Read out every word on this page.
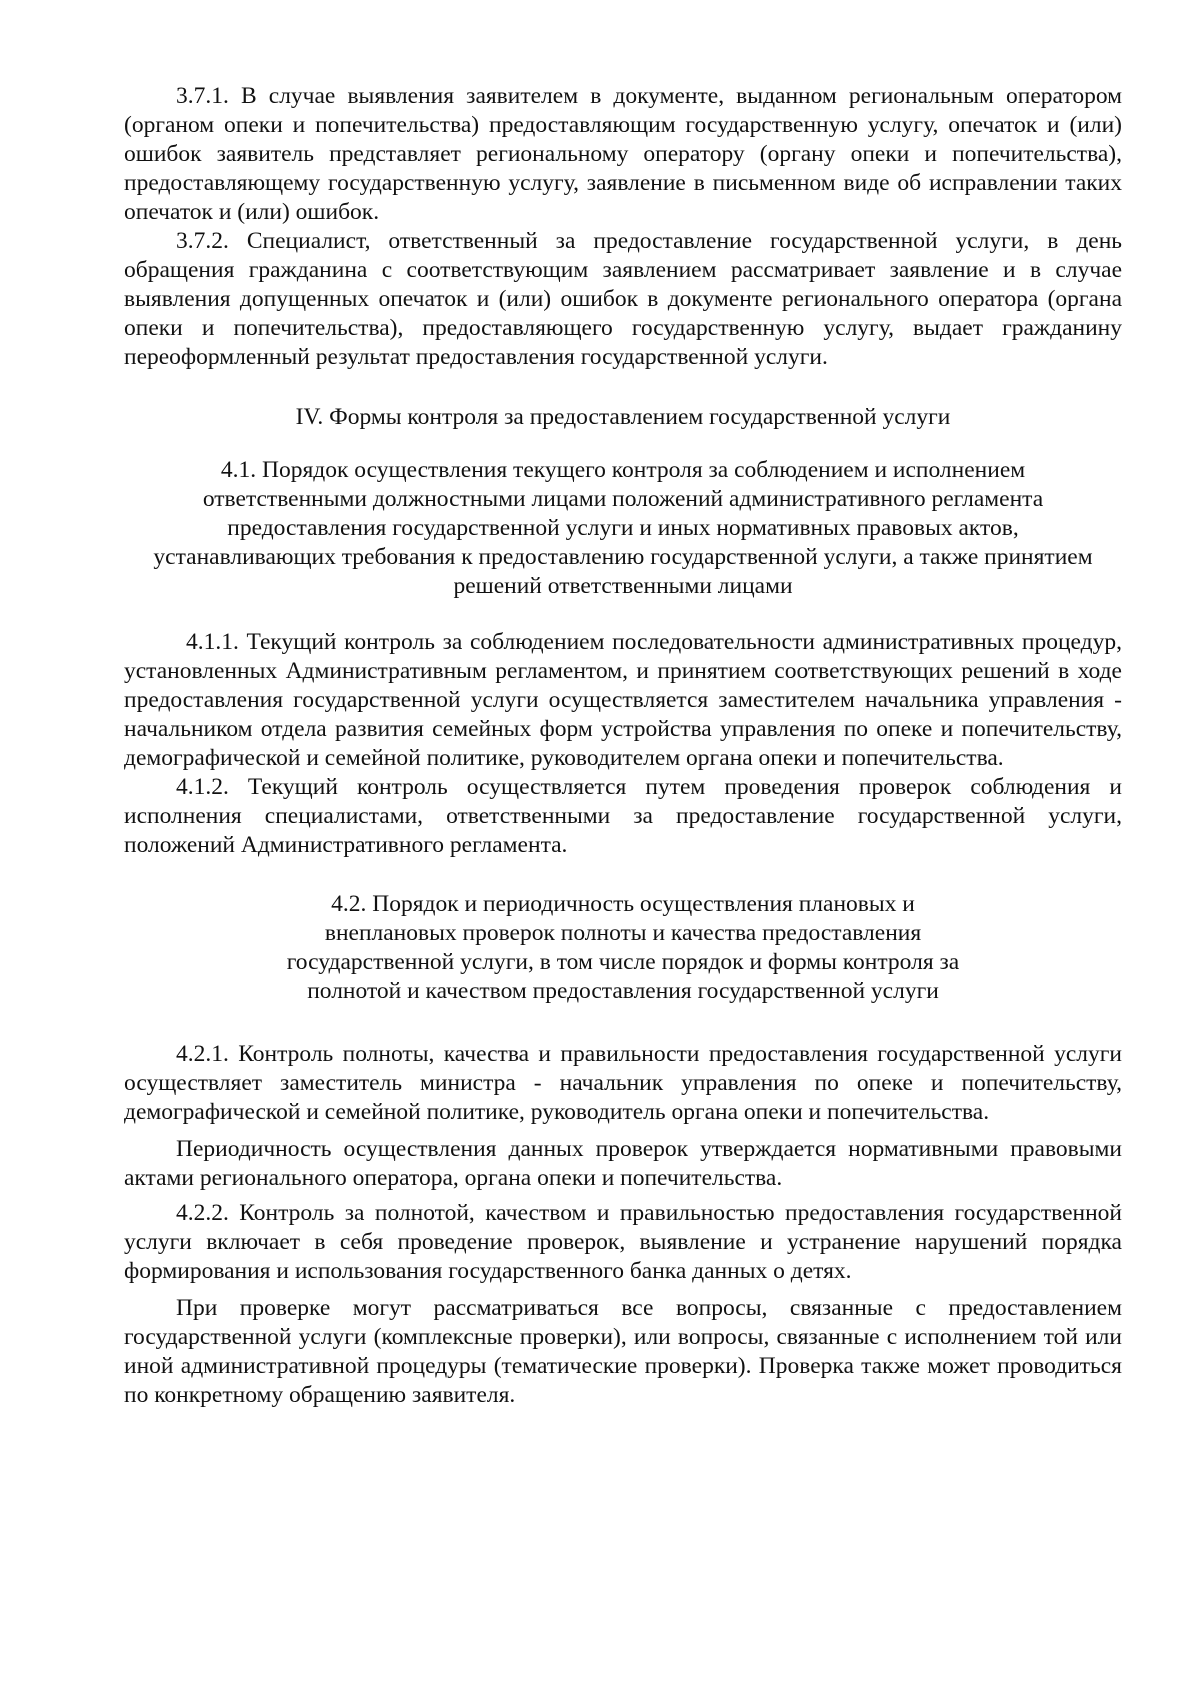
3.7.1. В случае выявления заявителем в документе, выданном региональным оператором (органом опеки и попечительства) предоставляющим государственную услугу, опечаток и (или) ошибок заявитель представляет региональному оператору (органу опеки и попечительства), предоставляющему государственную услугу, заявление в письменном виде об исправлении таких опечаток и (или) ошибок.

3.7.2. Специалист, ответственный за предоставление государственной услуги, в день обращения гражданина с соответствующим заявлением рассматривает заявление и в случае выявления допущенных опечаток и (или) ошибок в документе регионального оператора (органа опеки и попечительства), предоставляющего государственную услугу, выдает гражданину переоформленный результат предоставления государственной услуги.

IV. Формы контроля за предоставлением государственной услуги

4.1. Порядок осуществления текущего контроля за соблюдением и исполнением ответственными должностными лицами положений административного регламента предоставления государственной услуги и иных нормативных правовых актов, устанавливающих требования к предоставлению государственной услуги, а также принятием решений ответственными лицами

4.1.1. Текущий контроль за соблюдением последовательности административных процедур, установленных Административным регламентом, и принятием соответствующих решений в ходе предоставления государственной услуги осуществляется заместителем начальника управления - начальником отдела развития семейных форм устройства управления по опеке и попечительству, демографической и семейной политике, руководителем органа опеки и попечительства.

4.1.2. Текущий контроль осуществляется путем проведения проверок соблюдения и исполнения специалистами, ответственными за предоставление государственной услуги, положений Административного регламента.

4.2. Порядок и периодичность осуществления плановых и внеплановых проверок полноты и качества предоставления государственной услуги, в том числе порядок и формы контроля за полнотой и качеством предоставления государственной услуги

4.2.1. Контроль полноты, качества и правильности предоставления государственной услуги осуществляет заместитель министра - начальник управления по опеке и попечительству, демографической и семейной политике, руководитель органа опеки и попечительства.

Периодичность осуществления данных проверок утверждается нормативными правовыми актами регионального оператора, органа опеки и попечительства.

4.2.2. Контроль за полнотой, качеством и правильностью предоставления государственной услуги включает в себя проведение проверок, выявление и устранение нарушений порядка формирования и использования государственного банка данных о детях.

При проверке могут рассматриваться все вопросы, связанные с предоставлением государственной услуги (комплексные проверки), или вопросы, связанные с исполнением той или иной административной процедуры (тематические проверки). Проверка также может проводиться по конкретному обращению заявителя.
